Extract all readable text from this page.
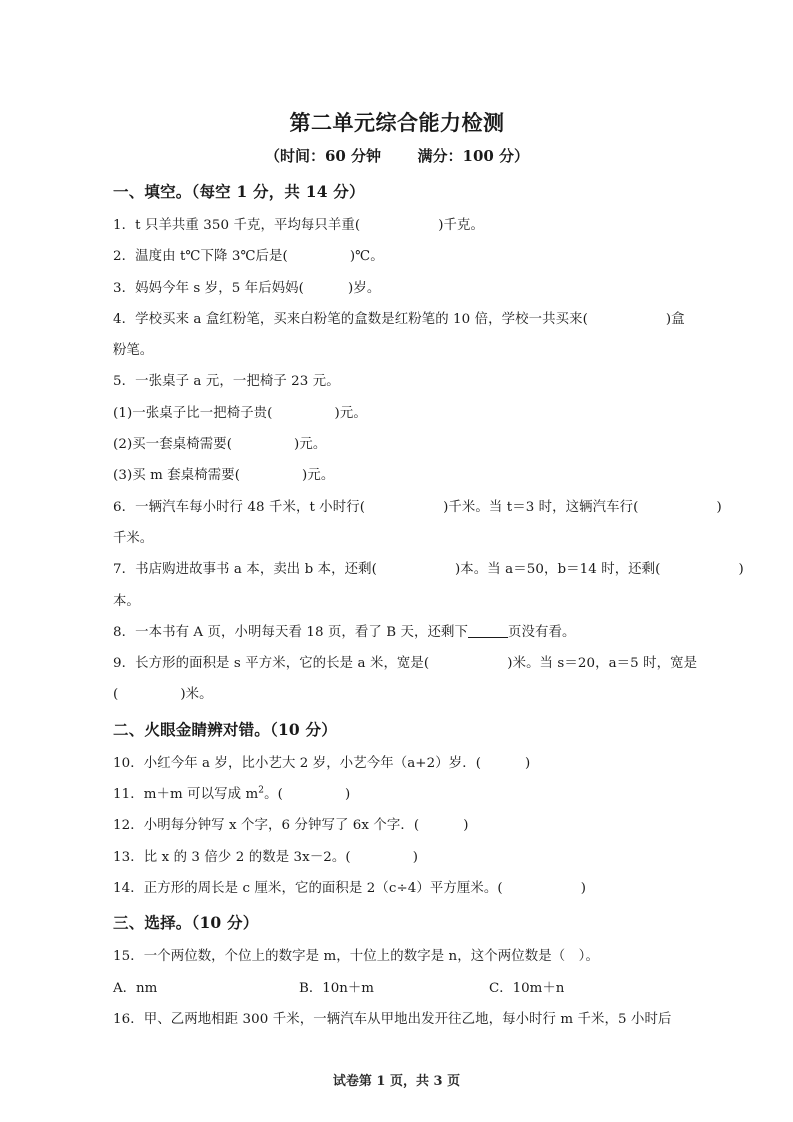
第二单元综合能力检测
（时间：60 分钟 满分：100 分）
一、填空。（每空 1 分，共 14 分）
1．t 只羊共重 350 千克，平均每只羊重(	)千克。
2．温度由 t℃下降 3℃后是(	)℃。
3．妈妈今年 s 岁，5 年后妈妈(	)岁。
4．学校买来 a 盒红粉笔，买来白粉笔的盒数是红粉笔的 10 倍，学校一共买来(	)盒
粉笔。
5．一张桌子 a 元，一把椅子 23 元。
(1)一张桌子比一把椅子贵(	)元。
(2)买一套桌椅需要(	)元。
(3)买 m 套桌椅需要(	)元。
6．一辆汽车每小时行 48 千米，t 小时行(	)千米。当 t＝3 时，这辆汽车行(	)
千米。
7．书店购进故事书 a 本，卖出 b 本，还剩(	)本。当 a＝50，b＝14 时，还剩(	)
本。
8．一本书有 A 页，小明每天看 18 页，看了 B 天，还剩下	页没有看。
9．长方形的面积是 s 平方米，它的长是 a 米，宽是(	)米。当 s＝20，a＝5 时，宽是
(	)米。
二、火眼金睛辨对错。（10 分）
10．小红今年 a 岁，比小艺大 2 岁，小艺今年（a+2）岁．(	)
11．m＋m 可以写成 $m^2$。(	)
12．小明每分钟写 x 个字，6 分钟写了 6x 个字．(	)
13．比 x 的 3 倍少 2 的数是 3x－2。(	)
14．正方形的周长是 c 厘米，它的面积是 2（c÷4）平方厘米。(	)
三、选择。（10 分）
15．一个两位数，个位上的数字是 m，十位上的数字是 n，这个两位数是（　）。
A．nm	B．10n＋m	C．10m＋n
16．甲、乙两地相距 300 千米，一辆汽车从甲地出发开往乙地，每小时行 m 千米，5 小时后
试卷第 1 页，共 3 页
